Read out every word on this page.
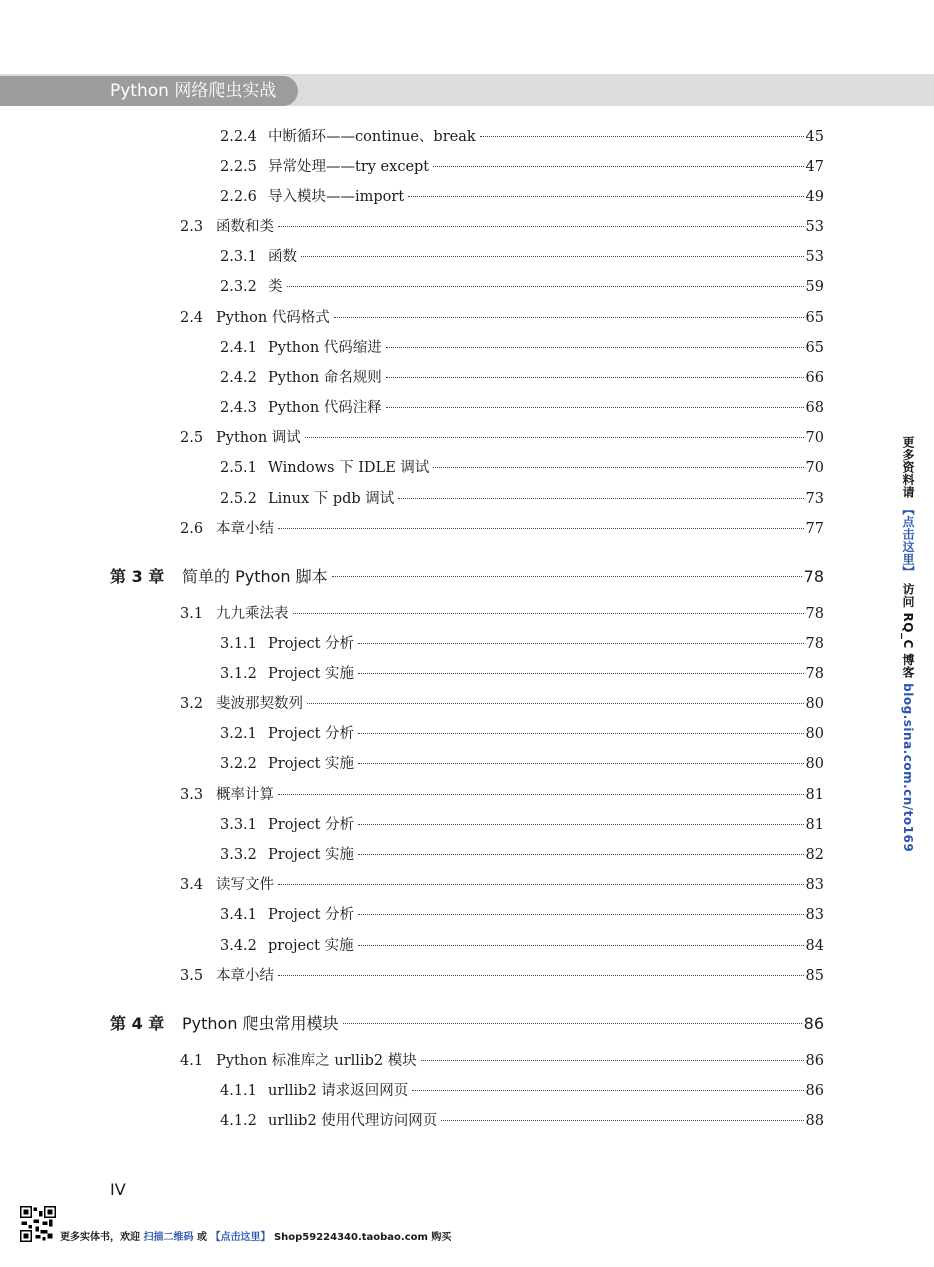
Python 网络爬虫实战
2.2.4 中断循环——continue、break	45
2.2.5 异常处理——try except	47
2.2.6 导入模块——import	49
2.3 函数和类	53
2.3.1 函数	53
2.3.2 类	59
2.4 Python 代码格式	65
2.4.1 Python 代码缩进	65
2.4.2 Python 命名规则	66
2.4.3 Python 代码注释	68
2.5 Python 调试	70
2.5.1 Windows 下 IDLE 调试	70
2.5.2 Linux 下 pdb 调试	73
2.6 本章小结	77
第 3 章	简单的 Python 脚本	78
3.1 九九乘法表	78
3.1.1 Project 分析	78
3.1.2 Project 实施	78
3.2 斐波那契数列	80
3.2.1 Project 分析	80
3.2.2 Project 实施	80
3.3 概率计算	81
3.3.1 Project 分析	81
3.3.2 Project 实施	82
3.4 读写文件	83
3.4.1 Project 分析	83
3.4.2 project 实施	84
3.5 本章小结	85
第 4 章	Python 爬虫常用模块	86
4.1 Python 标准库之 urllib2 模块	86
4.1.1 urllib2 请求返回网页	86
4.1.2 urllib2 使用代理访问网页	88
IV
更多资料请 【点击这里】 访问 RQ_C 博客 blog.sina.com.cn/to169
更多实体书，欢迎 扫描二维码 或 【点击这里】 Shop59224340.taobao.com 购买
